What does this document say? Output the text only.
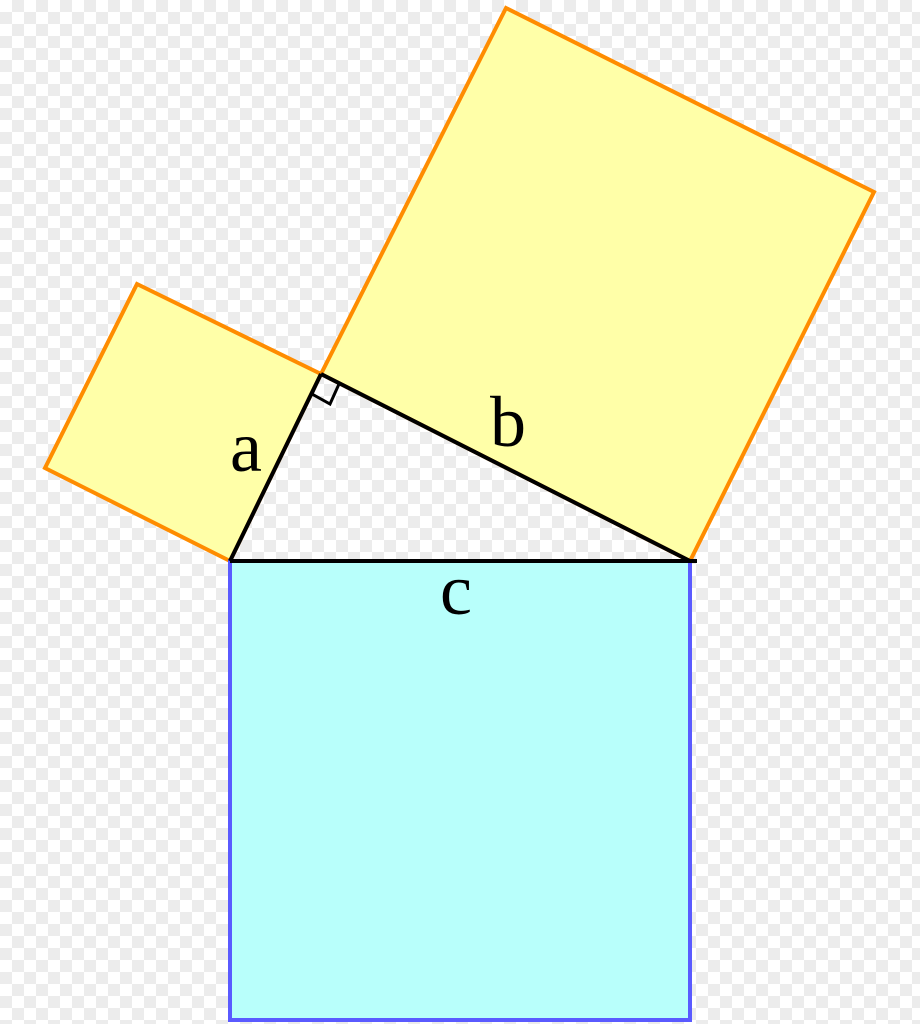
a	b
c
